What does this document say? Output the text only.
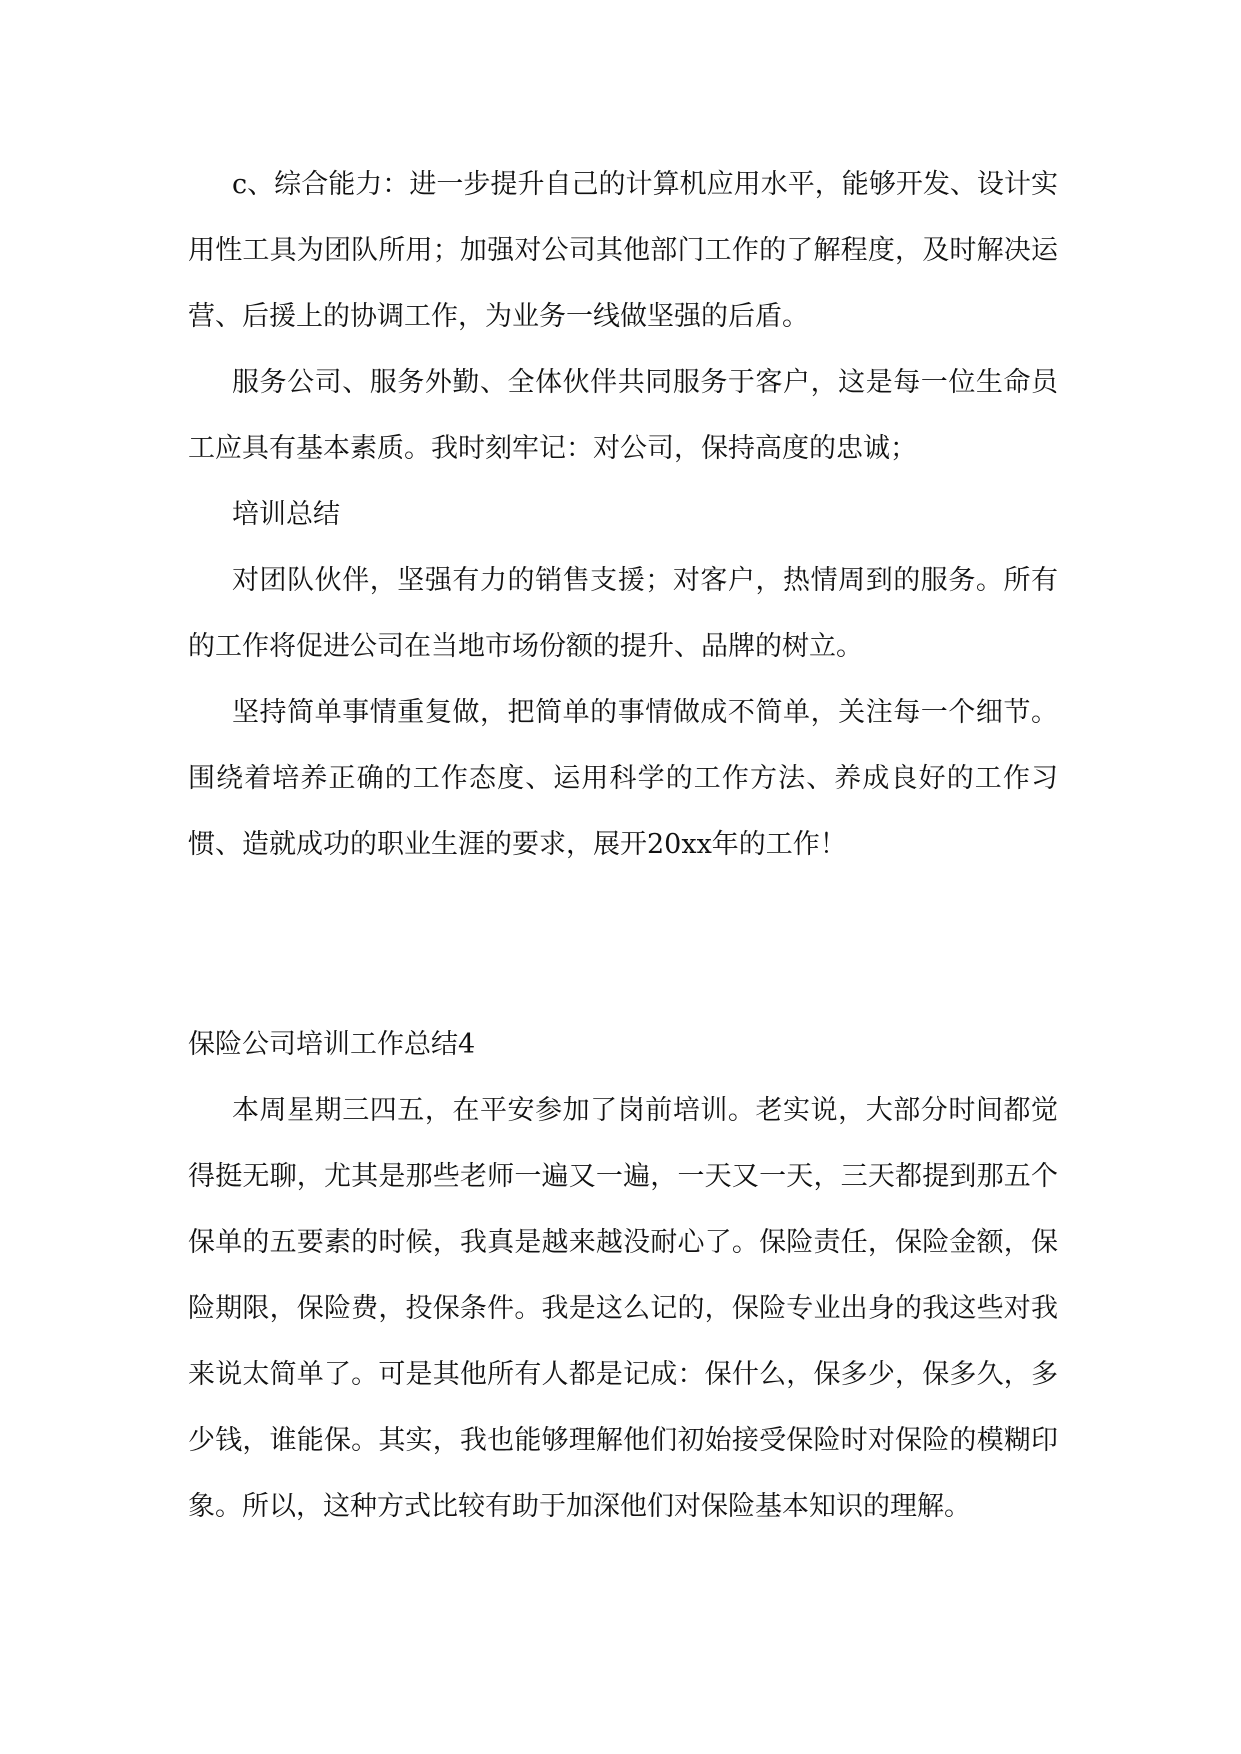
c、综合能力：进一步提升自己的计算机应用水平，能够开发、设计实用性工具为团队所用；加强对公司其他部门工作的了解程度，及时解决运营、后援上的协调工作，为业务一线做坚强的后盾。

服务公司、服务外勤、全体伙伴共同服务于客户，这是每一位生命员工应具有基本素质。我时刻牢记：对公司，保持高度的忠诚；

培训总结

对团队伙伴，坚强有力的销售支援；对客户，热情周到的服务。所有的工作将促进公司在当地市场份额的提升、品牌的树立。

坚持简单事情重复做，把简单的事情做成不简单，关注每一个细节。围绕着培养正确的工作态度、运用科学的工作方法、养成良好的工作习惯、造就成功的职业生涯的要求，展开20xx年的工作！

保险公司培训工作总结4

本周星期三四五，在平安参加了岗前培训。老实说，大部分时间都觉得挺无聊，尤其是那些老师一遍又一遍，一天又一天，三天都提到那五个保单的五要素的时候，我真是越来越没耐心了。保险责任，保险金额，保险期限，保险费，投保条件。我是这么记的，保险专业出身的我这些对我来说太简单了。可是其他所有人都是记成：保什么，保多少，保多久，多少钱，谁能保。其实，我也能够理解他们初始接受保险时对保险的模糊印象。所以，这种方式比较有助于加深他们对保险基本知识的理解。
